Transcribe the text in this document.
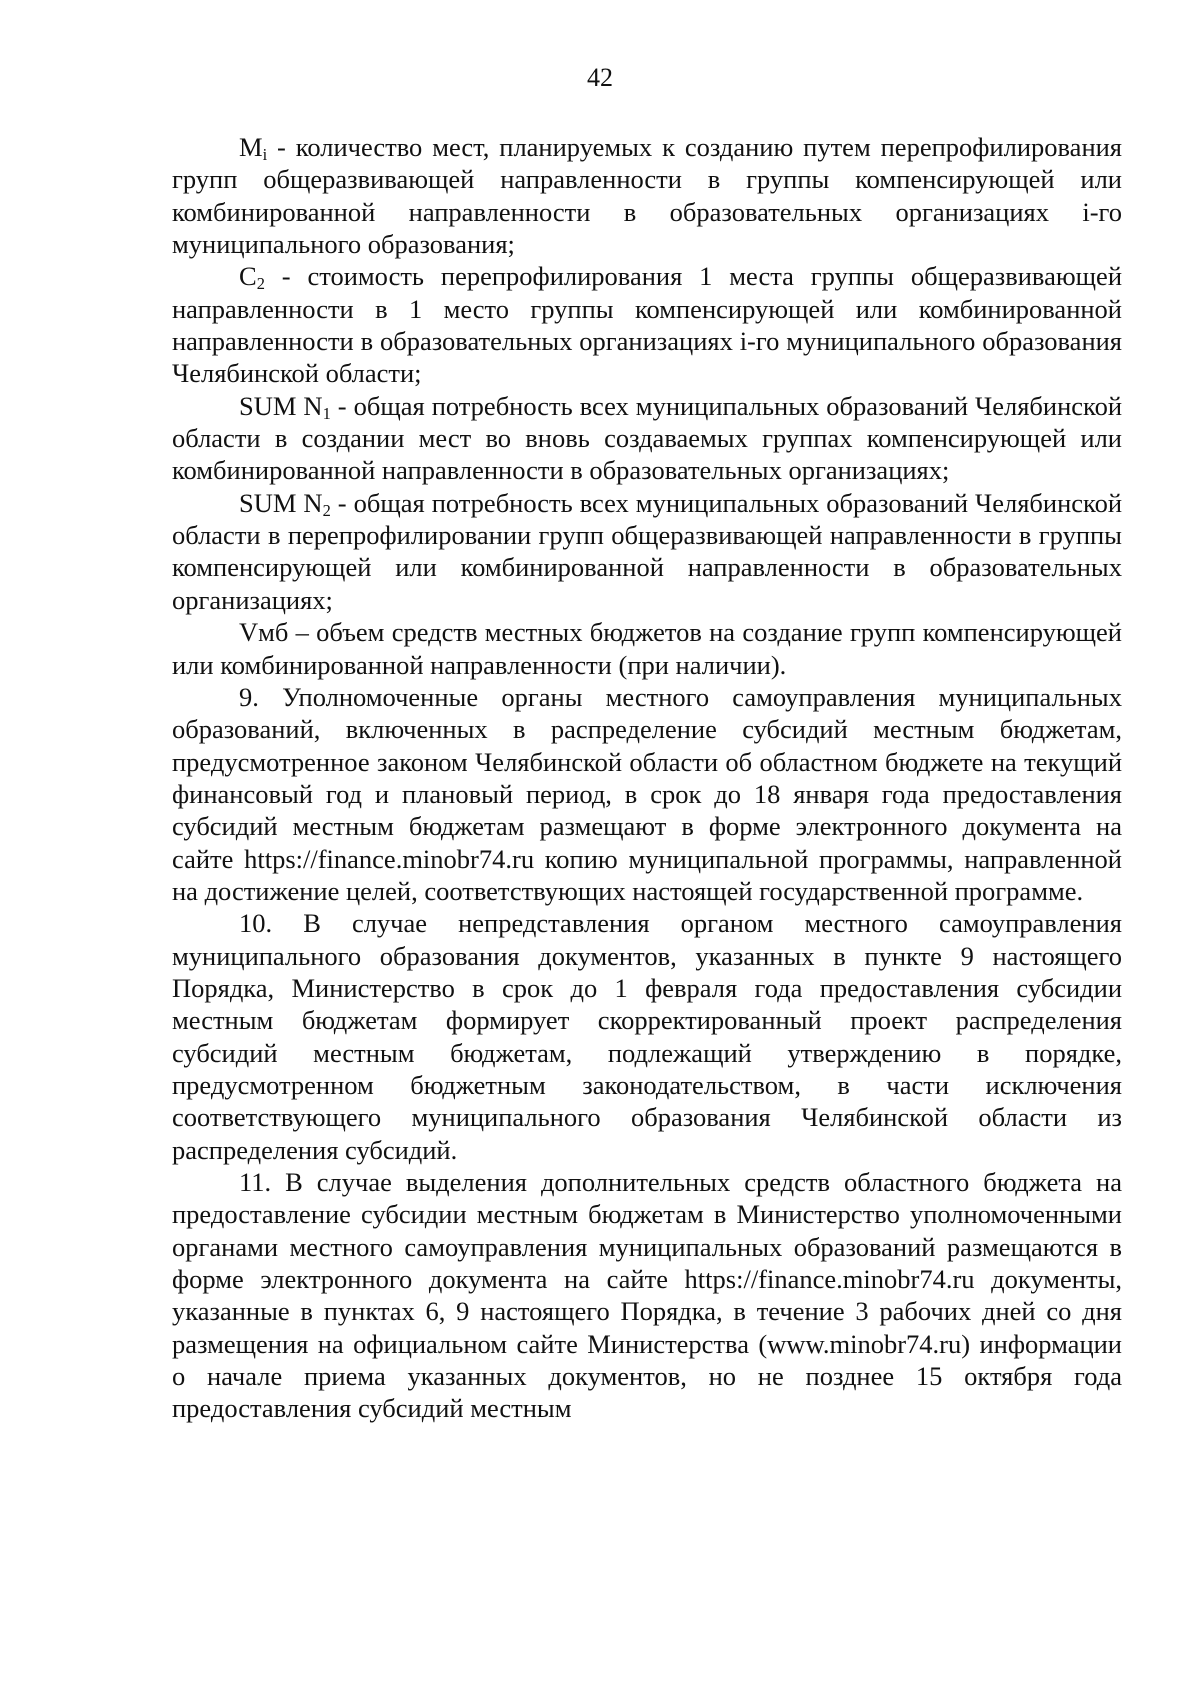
42

$M_i$ - количество мест, планируемых к созданию путем перепрофилирования групп общеразвивающей направленности в группы компенсирующей или комбинированной направленности в образовательных организациях i-го муниципального образования;

$C_2$ - стоимость перепрофилирования 1 места группы общеразвивающей направленности в 1 место группы компенсирующей или комбинированной направленности в образовательных организациях i-го муниципального образования Челябинской области;

SUM $N_1$ - общая потребность всех муниципальных образований Челябинской области в создании мест во вновь создаваемых группах компенсирующей или комбинированной направленности в образовательных организациях;

SUM $N_2$ - общая потребность всех муниципальных образований Челябинской области в перепрофилировании групп общеразвивающей направленности в группы компенсирующей или комбинированной направленности в образовательных организациях;

Vмб – объем средств местных бюджетов на создание групп компенсирующей или комбинированной направленности (при наличии).

9. Уполномоченные органы местного самоуправления муниципальных образований, включенных в распределение субсидий местным бюджетам, предусмотренное законом Челябинской области об областном бюджете на текущий финансовый год и плановый период, в срок до 18 января года предоставления субсидий местным бюджетам размещают в форме электронного документа на сайте https://finance.minobr74.ru копию муниципальной программы, направленной на достижение целей, соответствующих настоящей государственной программе.

10. В случае непредставления органом местного самоуправления муниципального образования документов, указанных в пункте 9 настоящего Порядка, Министерство в срок до 1 февраля года предоставления субсидии местным бюджетам формирует скорректированный проект распределения субсидий местным бюджетам, подлежащий утверждению в порядке, предусмотренном бюджетным законодательством, в части исключения соответствующего муниципального образования Челябинской области из распределения субсидий.

11. В случае выделения дополнительных средств областного бюджета на предоставление субсидии местным бюджетам в Министерство уполномоченными органами местного самоуправления муниципальных образований размещаются в форме электронного документа на сайте https://finance.minobr74.ru документы, указанные в пунктах 6, 9 настоящего Порядка, в течение 3 рабочих дней со дня размещения на официальном сайте Министерства (www.minobr74.ru) информации о начале приема указанных документов, но не позднее 15 октября года предоставления субсидий местным
